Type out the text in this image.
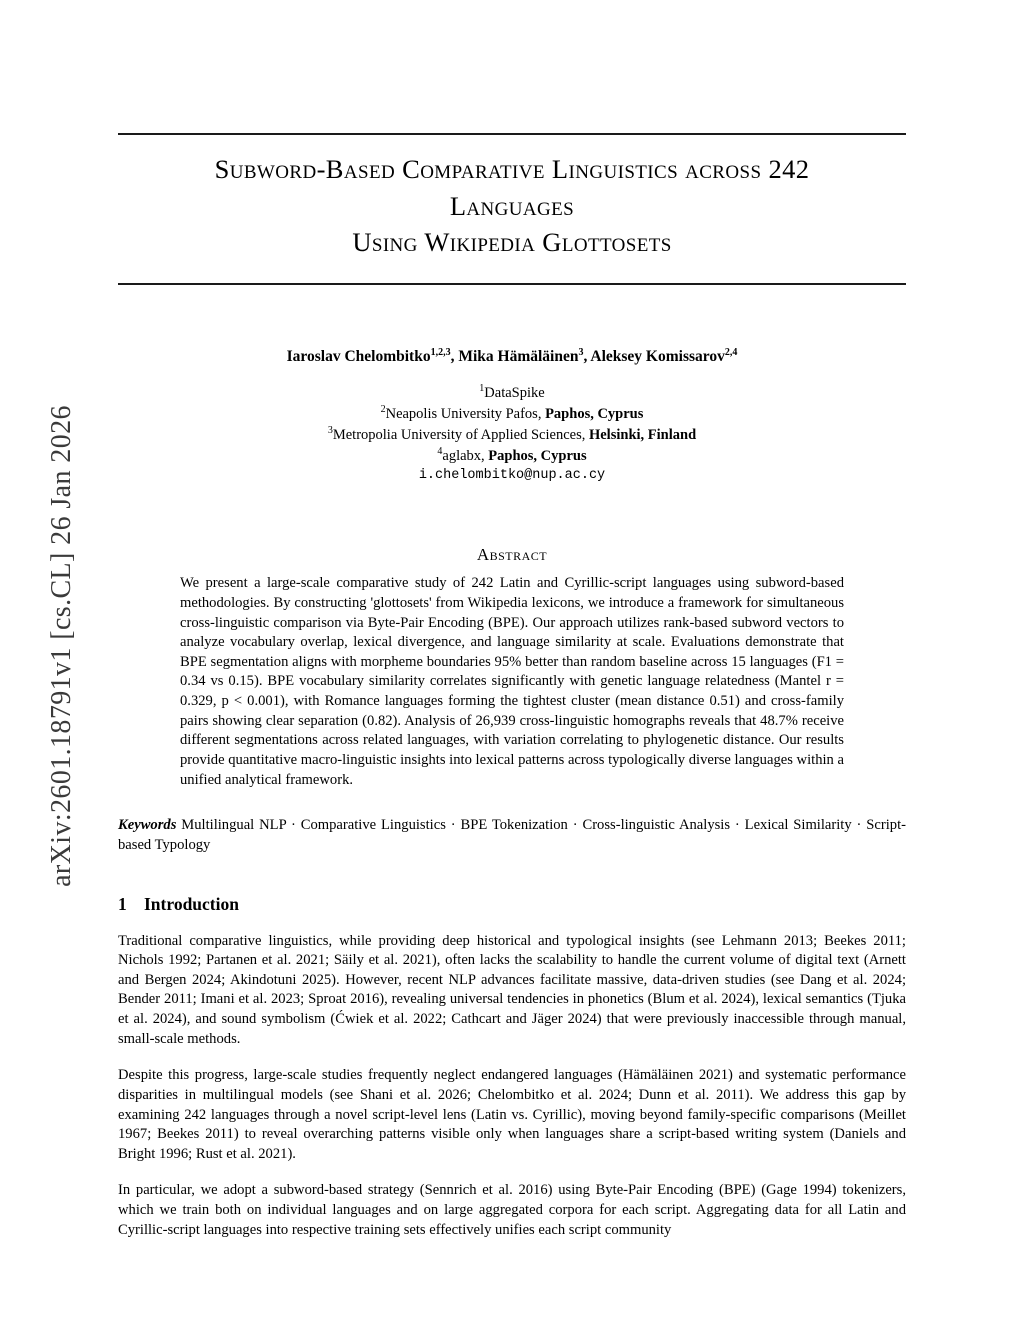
arXiv:2601.18791v1 [cs.CL] 26 Jan 2026
Subword-Based Comparative Linguistics across 242
Languages
Using Wikipedia Glottosets
Iaroslav Chelombitko$^{1,2,3}$, Mika Hämäläinen$^3$, Aleksey Komissarov$^{2,4}$
$^1$DataSpike
$^2$Neapolis University Pafos, Paphos, Cyprus
$^3$Metropolia University of Applied Sciences, Helsinki, Finland
$^4$aglabx, Paphos, Cyprus
i.chelombitko@nup.ac.cy
Abstract
We present a large-scale comparative study of 242 Latin and Cyrillic-script languages using subword-based methodologies. By constructing 'glottosets' from Wikipedia lexicons, we introduce a framework for simultaneous cross-linguistic comparison via Byte-Pair Encoding (BPE). Our approach utilizes rank-based subword vectors to analyze vocabulary overlap, lexical divergence, and language similarity at scale. Evaluations demonstrate that BPE segmentation aligns with morpheme boundaries 95% better than random baseline across 15 languages (F1 = 0.34 vs 0.15). BPE vocabulary similarity correlates significantly with genetic language relatedness (Mantel r = 0.329, p < 0.001), with Romance languages forming the tightest cluster (mean distance 0.51) and cross-family pairs showing clear separation (0.82). Analysis of 26,939 cross-linguistic homographs reveals that 48.7% receive different segmentations across related languages, with variation correlating to phylogenetic distance. Our results provide quantitative macro-linguistic insights into lexical patterns across typologically diverse languages within a unified analytical framework.
Keywords Multilingual NLP · Comparative Linguistics · BPE Tokenization · Cross-linguistic Analysis · Lexical Similarity · Script-based Typology
1 Introduction

Traditional comparative linguistics, while providing deep historical and typological insights (see Lehmann 2013; Beekes 2011; Nichols 1992; Partanen et al. 2021; Säily et al. 2021), often lacks the scalability to handle the current volume of digital text (Arnett and Bergen 2024; Akindotuni 2025). However, recent NLP advances facilitate massive, data-driven studies (see Dang et al. 2024; Bender 2011; Imani et al. 2023; Sproat 2016), revealing universal tendencies in phonetics (Blum et al. 2024), lexical semantics (Tjuka et al. 2024), and sound symbolism (Ćwiek et al. 2022; Cathcart and Jäger 2024) that were previously inaccessible through manual, small-scale methods.

Despite this progress, large-scale studies frequently neglect endangered languages (Hämäläinen 2021) and systematic performance disparities in multilingual models (see Shani et al. 2026; Chelombitko et al. 2024; Dunn et al. 2011). We address this gap by examining 242 languages through a novel script-level lens (Latin vs. Cyrillic), moving beyond family-specific comparisons (Meillet 1967; Beekes 2011) to reveal overarching patterns visible only when languages share a script-based writing system (Daniels and Bright 1996; Rust et al. 2021).

In particular, we adopt a subword-based strategy (Sennrich et al. 2016) using Byte-Pair Encoding (BPE) (Gage 1994) tokenizers, which we train both on individual languages and on large aggregated corpora for each script. Aggregating data for all Latin and Cyrillic-script languages into respective training sets effectively unifies each script community
